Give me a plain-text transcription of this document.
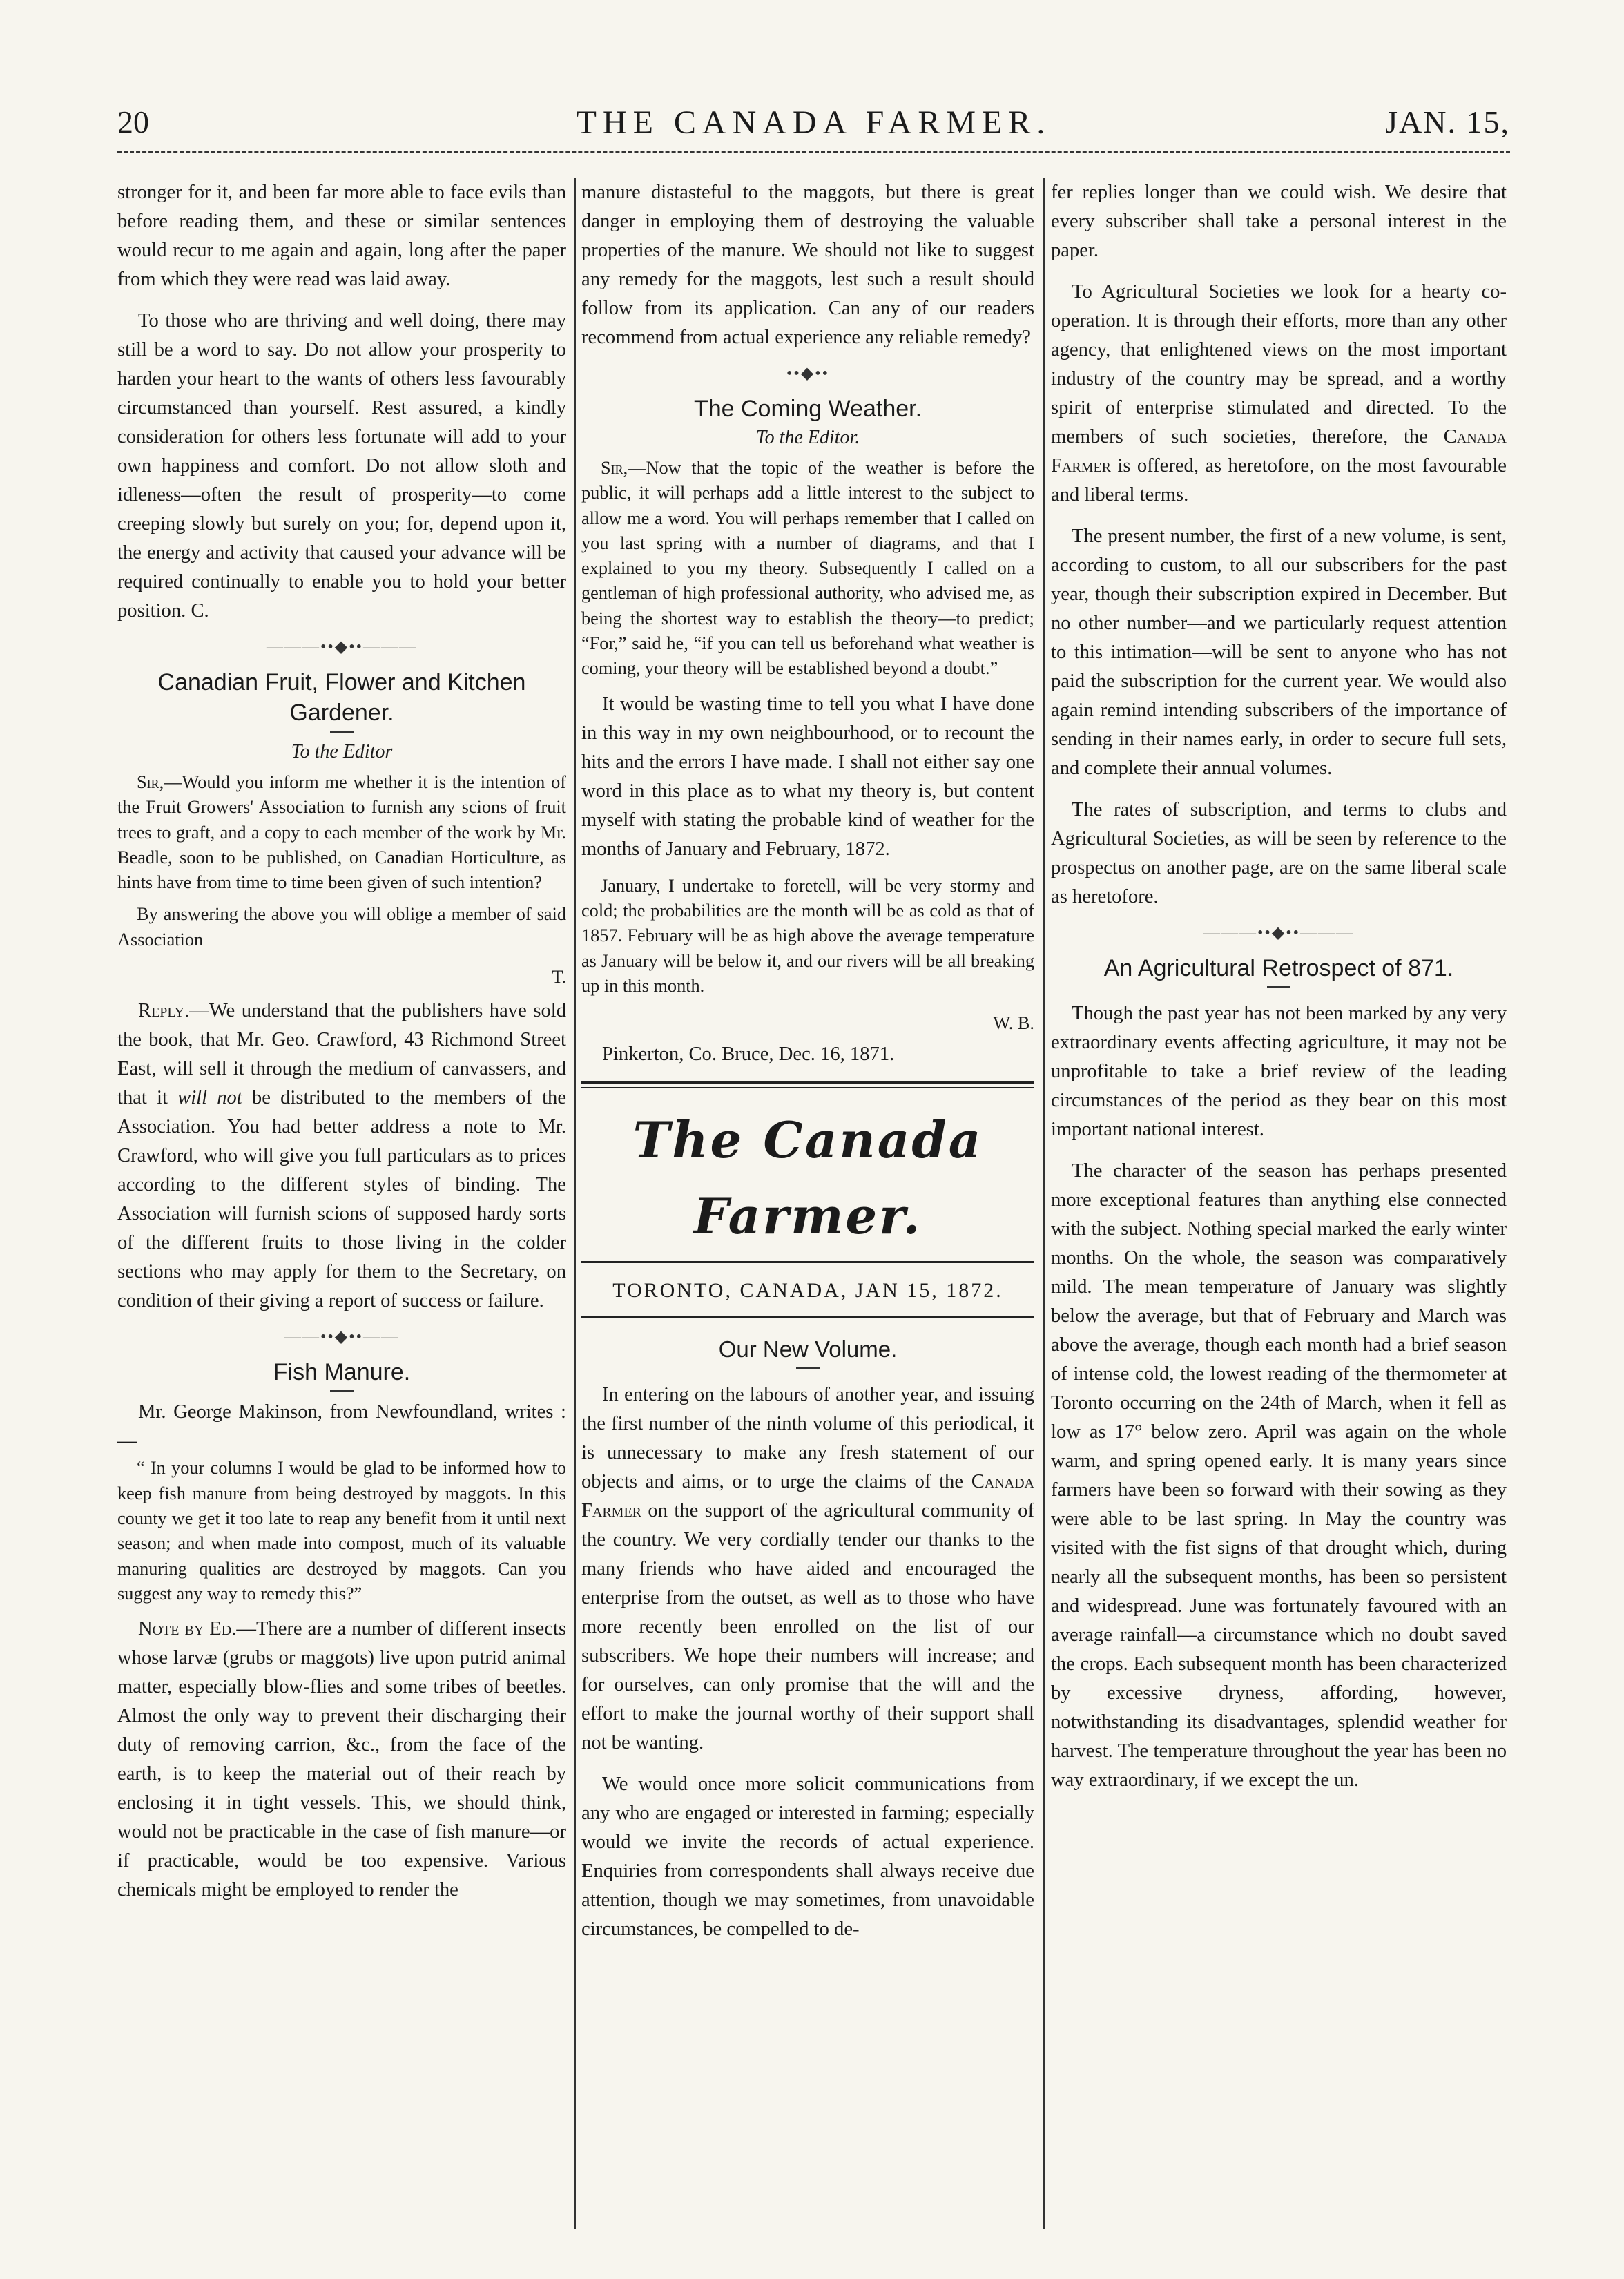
20	THE CANADA FARMER.	JAN. 15,

stronger for it, and been far more able to face evils than before reading them, and these or similar sentences would recur to me again and again, long after the paper from which they were read was laid away.

To those who are thriving and well doing, there may still be a word to say. Do not allow your prosperity to harden your heart to the wants of others less favourably circumstanced than yourself. Rest assured, a kindly consideration for others less fortunate will add to your own happiness and comfort. Do not allow sloth and idleness—often the result of prosperity—to come creeping slowly but surely on you; for, depend upon it, the energy and activity that caused your advance will be required continually to enable you to hold your better position. C.

———••◆••———
Canadian Fruit, Flower and Kitchen Gardener.
To the Editor

Sir,—Would you inform me whether it is the intention of the Fruit Growers' Association to furnish any scions of fruit trees to graft, and a copy to each member of the work by Mr. Beadle, soon to be published, on Canadian Horticulture, as hints have from time to time been given of such intention?

By answering the above you will oblige a member of said Association

T.

Reply.—We understand that the publishers have sold the book, that Mr. Geo. Crawford, 43 Richmond Street East, will sell it through the medium of canvassers, and that it will not be distributed to the members of the Association. You had better address a note to Mr. Crawford, who will give you full particulars as to prices according to the different styles of binding. The Association will furnish scions of supposed hardy sorts of the different fruits to those living in the colder sections who may apply for them to the Secretary, on condition of their giving a report of success or failure.

——••◆••——
Fish Manure.

Mr. George Makinson, from Newfoundland, writes :—

“ In your columns I would be glad to be informed how to keep fish manure from being destroyed by maggots. In this county we get it too late to reap any benefit from it until next season; and when made into compost, much of its valuable manuring qualities are destroyed by maggots. Can you suggest any way to remedy this?”

Note by Ed.—There are a number of different insects whose larvæ (grubs or maggots) live upon putrid animal matter, especially blow-flies and some tribes of beetles. Almost the only way to prevent their discharging their duty of removing carrion, &c., from the face of the earth, is to keep the material out of their reach by enclosing it in tight vessels. This, we should think, would not be practicable in the case of fish manure—or if practicable, would be too expensive. Various chemicals might be employed to render the

manure distasteful to the maggots, but there is great danger in employing them of destroying the valuable properties of the manure. We should not like to suggest any remedy for the maggots, lest such a result should follow from its application. Can any of our readers recommend from actual experience any reliable remedy?

••◆••
The Coming Weather.
To the Editor.

Sir,—Now that the topic of the weather is before the public, it will perhaps add a little interest to the subject to allow me a word. You will perhaps remember that I called on you last spring with a number of diagrams, and that I explained to you my theory. Subsequently I called on a gentleman of high professional authority, who advised me, as being the shortest way to establish the theory—to predict; “For,” said he, “if you can tell us beforehand what weather is coming, your theory will be established beyond a doubt.”

It would be wasting time to tell you what I have done in this way in my own neighbourhood, or to recount the hits and the errors I have made. I shall not either say one word in this place as to what my theory is, but content myself with stating the probable kind of weather for the months of January and February, 1872.

January, I undertake to foretell, will be very stormy and cold; the probabilities are the month will be as cold as that of 1857. February will be as high above the average temperature as January will be below it, and our rivers will be all breaking up in this month.

W. B.

Pinkerton, Co. Bruce, Dec. 16, 1871.

The Canada Farmer.
TORONTO, CANADA, JAN 15, 1872.
Our New Volume.

In entering on the labours of another year, and issuing the first number of the ninth volume of this periodical, it is unnecessary to make any fresh statement of our objects and aims, or to urge the claims of the Canada Farmer on the support of the agricultural community of the country. We very cordially tender our thanks to the many friends who have aided and encouraged the enterprise from the outset, as well as to those who have more recently been enrolled on the list of our subscribers. We hope their numbers will increase; and for ourselves, can only promise that the will and the effort to make the journal worthy of their support shall not be wanting.

We would once more solicit communications from any who are engaged or interested in farming; especially would we invite the records of actual experience. Enquiries from correspondents shall always receive due attention, though we may sometimes, from unavoidable circumstances, be compelled to de-

fer replies longer than we could wish. We desire that every subscriber shall take a personal interest in the paper.

To Agricultural Societies we look for a hearty co-operation. It is through their efforts, more than any other agency, that enlightened views on the most important industry of the country may be spread, and a worthy spirit of enterprise stimulated and directed. To the members of such societies, therefore, the Canada Farmer is offered, as heretofore, on the most favourable and liberal terms.

The present number, the first of a new volume, is sent, according to custom, to all our subscribers for the past year, though their subscription expired in December. But no other number—and we particularly request attention to this intimation—will be sent to anyone who has not paid the subscription for the current year. We would also again remind intending subscribers of the importance of sending in their names early, in order to secure full sets, and complete their annual volumes.

The rates of subscription, and terms to clubs and Agricultural Societies, as will be seen by reference to the prospectus on another page, are on the same liberal scale as heretofore.

———••◆••———
An Agricultural Retrospect of 871.

Though the past year has not been marked by any very extraordinary events affecting agriculture, it may not be unprofitable to take a brief review of the leading circumstances of the period as they bear on this most important national interest.

The character of the season has perhaps presented more exceptional features than anything else connected with the subject. Nothing special marked the early winter months. On the whole, the season was comparatively mild. The mean temperature of January was slightly below the average, but that of February and March was above the average, though each month had a brief season of intense cold, the lowest reading of the thermometer at Toronto occurring on the 24th of March, when it fell as low as 17° below zero. April was again on the whole warm, and spring opened early. It is many years since farmers have been so forward with their sowing as they were able to be last spring. In May the country was visited with the fist signs of that drought which, during nearly all the subsequent months, has been so persistent and widespread. June was fortunately favoured with an average rainfall—a circumstance which no doubt saved the crops. Each subsequent month has been characterized by excessive dryness, affording, however, notwithstanding its disadvantages, splendid weather for harvest. The temperature throughout the year has been no way extraordinary, if we except the un.
